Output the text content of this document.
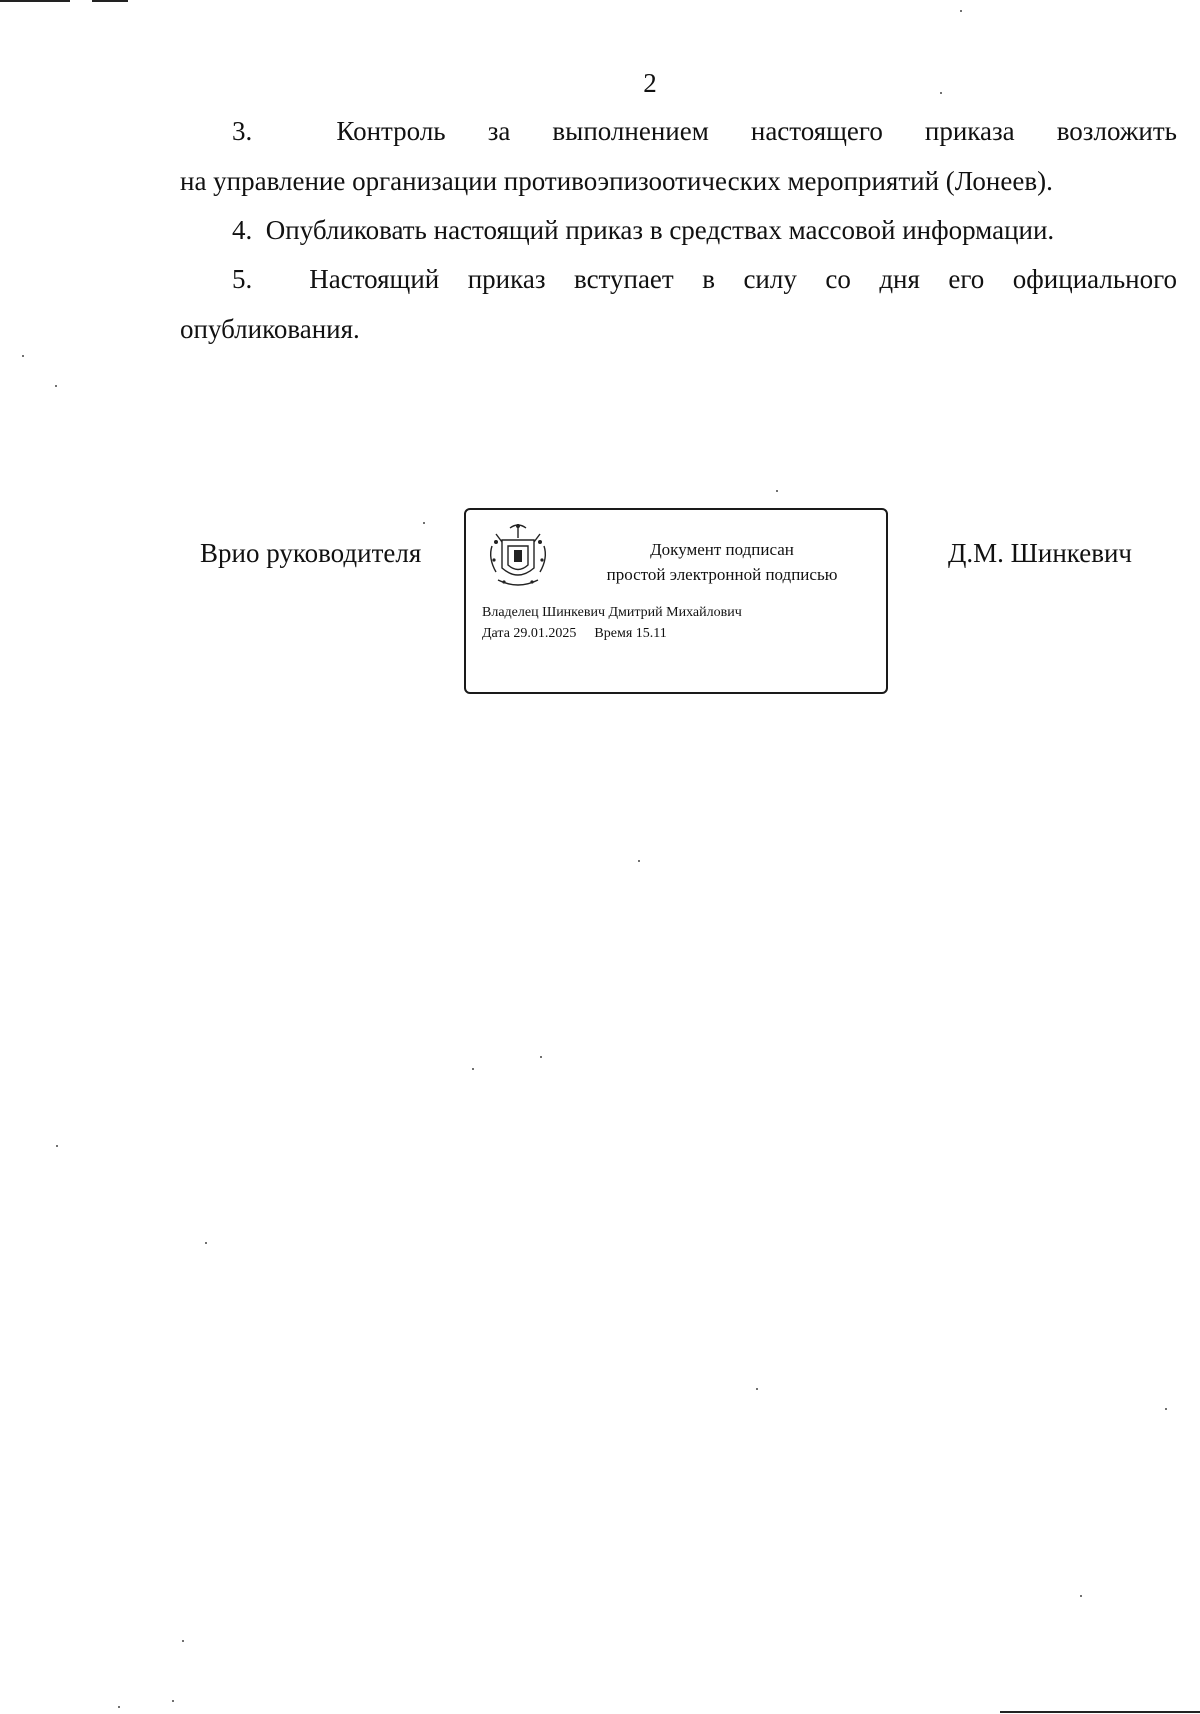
2
3.  Контроль за выполнением настоящего приказа возложить
на управление организации противоэпизоотических мероприятий (Лонеев).
4.  Опубликовать настоящий приказ в средствах массовой информации.
5.  Настоящий приказ вступает в силу со дня его официального
опубликования.
Врио руководителя	Документ подписан
простой электронной подписью
Владелец Шинкевич Дмитрий Михайлович
Дата 29.01.2025 Время 15.11
Д.М. Шинкевич
